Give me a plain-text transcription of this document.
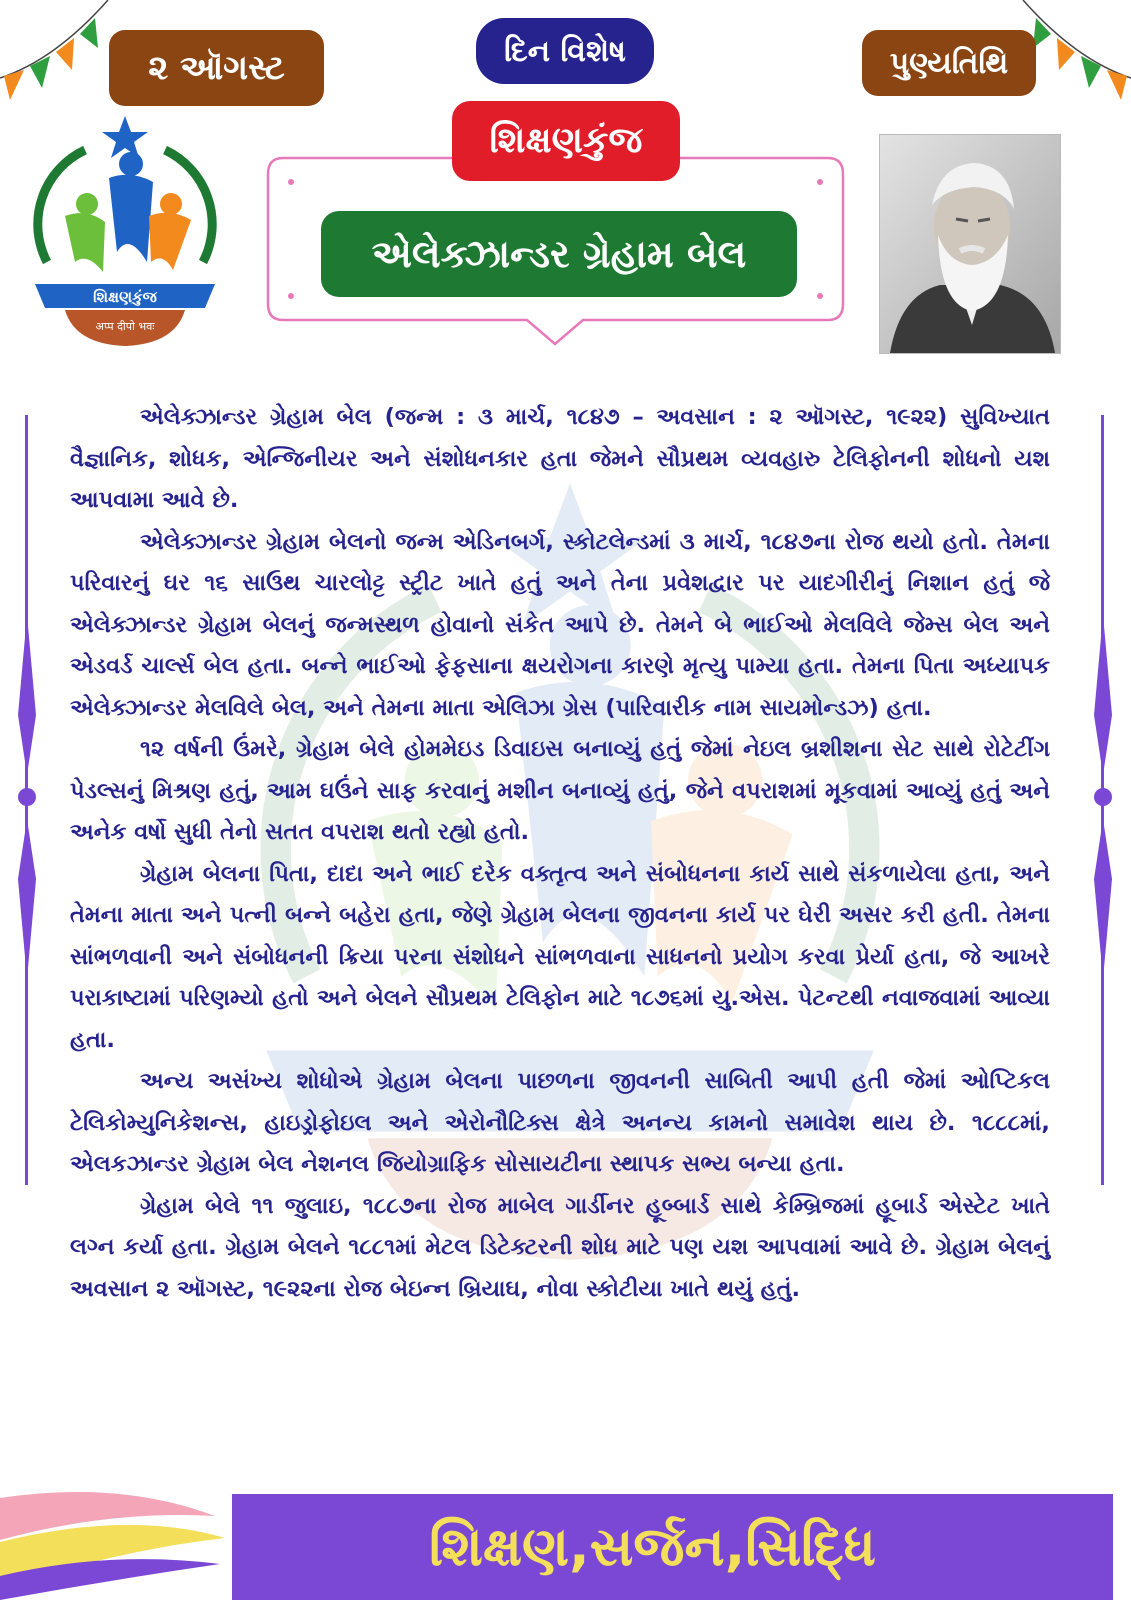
૨ ઑગસ્ટ	દિન વિશેષ	પુણ્યતિથિ
શિક્ષણકુંજ
એલેક્ઝાન્ડર ગ્રેહામ બેલ
શિક્ષણકુંજ
अप्प दीपो भवः

એલેક્ઝાન્ડર ગ્રેહામ બેલ (જન્મ : ૩ માર્ચ, ૧૮૪૭ – અવસાન : ૨ ઑગસ્ટ, ૧૯૨૨) સુવિખ્યાત વૈજ્ઞાનિક, શોધક, એન્જિનીયર અને સંશોધનકાર હતા જેમને સૌપ્રથમ વ્યવહારુ ટેલિફોનની શોધનો યશ આપવામા આવે છે.

એલેક્ઝાન્ડર ગ્રેહામ બેલનો જન્મ એડિનબર્ગ, સ્કોટલેન્ડમાં ૩ માર્ચ, ૧૮૪૭ના રોજ થયો હતો. તેમના પરિવારનું ઘર ૧૬ સાઉથ ચારલોટ્ટ સ્ટ્રીટ ખાતે હતું અને તેના પ્રવેશદ્વાર પર યાદગીરીનું નિશાન હતું જે એલેક્ઝાન્ડર ગ્રેહામ બેલનું જન્મસ્થળ હોવાનો સંકેત આપે છે. તેમને બે ભાઈઓ મેલવિલે જેમ્સ બેલ અને એડવર્ડ ચાર્લ્સ બેલ હતા. બન્ને ભાઈઓ ફેફસાના ક્ષયરોગના કારણે મૃત્યુ પામ્યા હતા. તેમના પિતા અધ્યાપક એલેક્ઝાન્ડર મેલવિલે બેલ, અને તેમના માતા એલિઝા ગ્રેસ (પારિવારીક નામ સાયમોન્ડઝ) હતા.

૧૨ વર્ષની ઉંમરે, ગ્રેહામ બેલે હોમમેઇડ ડિવાઇસ બનાવ્યું હતું જેમાં નેઇલ બ્રશીશના સેટ સાથે રોટેટીંગ પેડલ્સનું મિશ્રણ હતું, આમ ઘઉંને સાફ કરવાનું મશીન બનાવ્યું હતું, જેને વપરાશમાં મૂકવામાં આવ્યું હતું અને અનેક વર્ષો સુધી તેનો સતત વપરાશ થતો રહ્યો હતો.

ગ્રેહામ બેલના પિતા, દાદા અને ભાઈ દરેક વક્તૃત્વ અને સંબોધનના કાર્ય સાથે સંકળાયેલા હતા, અને તેમના માતા અને પત્ની બન્ને બહેરા હતા, જેણે ગ્રેહામ બેલના જીવનના કાર્ય પર ઘેરી અસર કરી હતી. તેમના સાંભળવાની અને સંબોધનની ક્રિયા પરના સંશોધને સાંભળવાના સાધનનો પ્રયોગ કરવા પ્રેર્યા હતા, જે આખરે પરાકાષ્ટામાં પરિણમ્યો હતો અને બેલને સૌપ્રથમ ટેલિફોન માટે ૧૮૭૬માં યુ.એસ. પેટન્ટથી નવાજવામાં આવ્યા હતા.

અન્ય અસંખ્ય શોધોએ ગ્રેહામ બેલના પાછળના જીવનની સાબિતી આપી હતી જેમાં ઓપ્ટિકલ ટેલિકોમ્યુનિકેશન્સ, હાઇડ્રોફોઇલ અને એરોનૌટિક્સ ક્ષેત્રે અનન્ય કામનો સમાવેશ થાય છે. ૧૮૮૮માં, એલકઝાન્ડર ગ્રેહામ બેલ નેશનલ જિયોગ્રાફિક સોસાયટીના સ્થાપક સભ્ય બન્યા હતા.

ગ્રેહામ બેલે ૧૧ જુલાઇ, ૧૮૮૭ના રોજ માબેલ ગાર્ડીનર હૂબ્બાર્ડ સાથે કેમ્બ્રિજમાં હૂબાર્ડ એસ્ટેટ ખાતે લગ્ન કર્યા હતા. ગ્રેહામ બેલને ૧૮૮૧માં મેટલ ડિટેક્ટરની શોધ માટે પણ યશ આપવામાં આવે છે. ગ્રેહામ બેલનું અવસાન ૨ ઑગસ્ટ, ૧૯૨૨ના રોજ બેઇન્ન બ્રિયાઘ, નોવા સ્કોટીયા ખાતે થયું હતું.

શિક્ષણ,સર્જન,સિદ્ધિ
